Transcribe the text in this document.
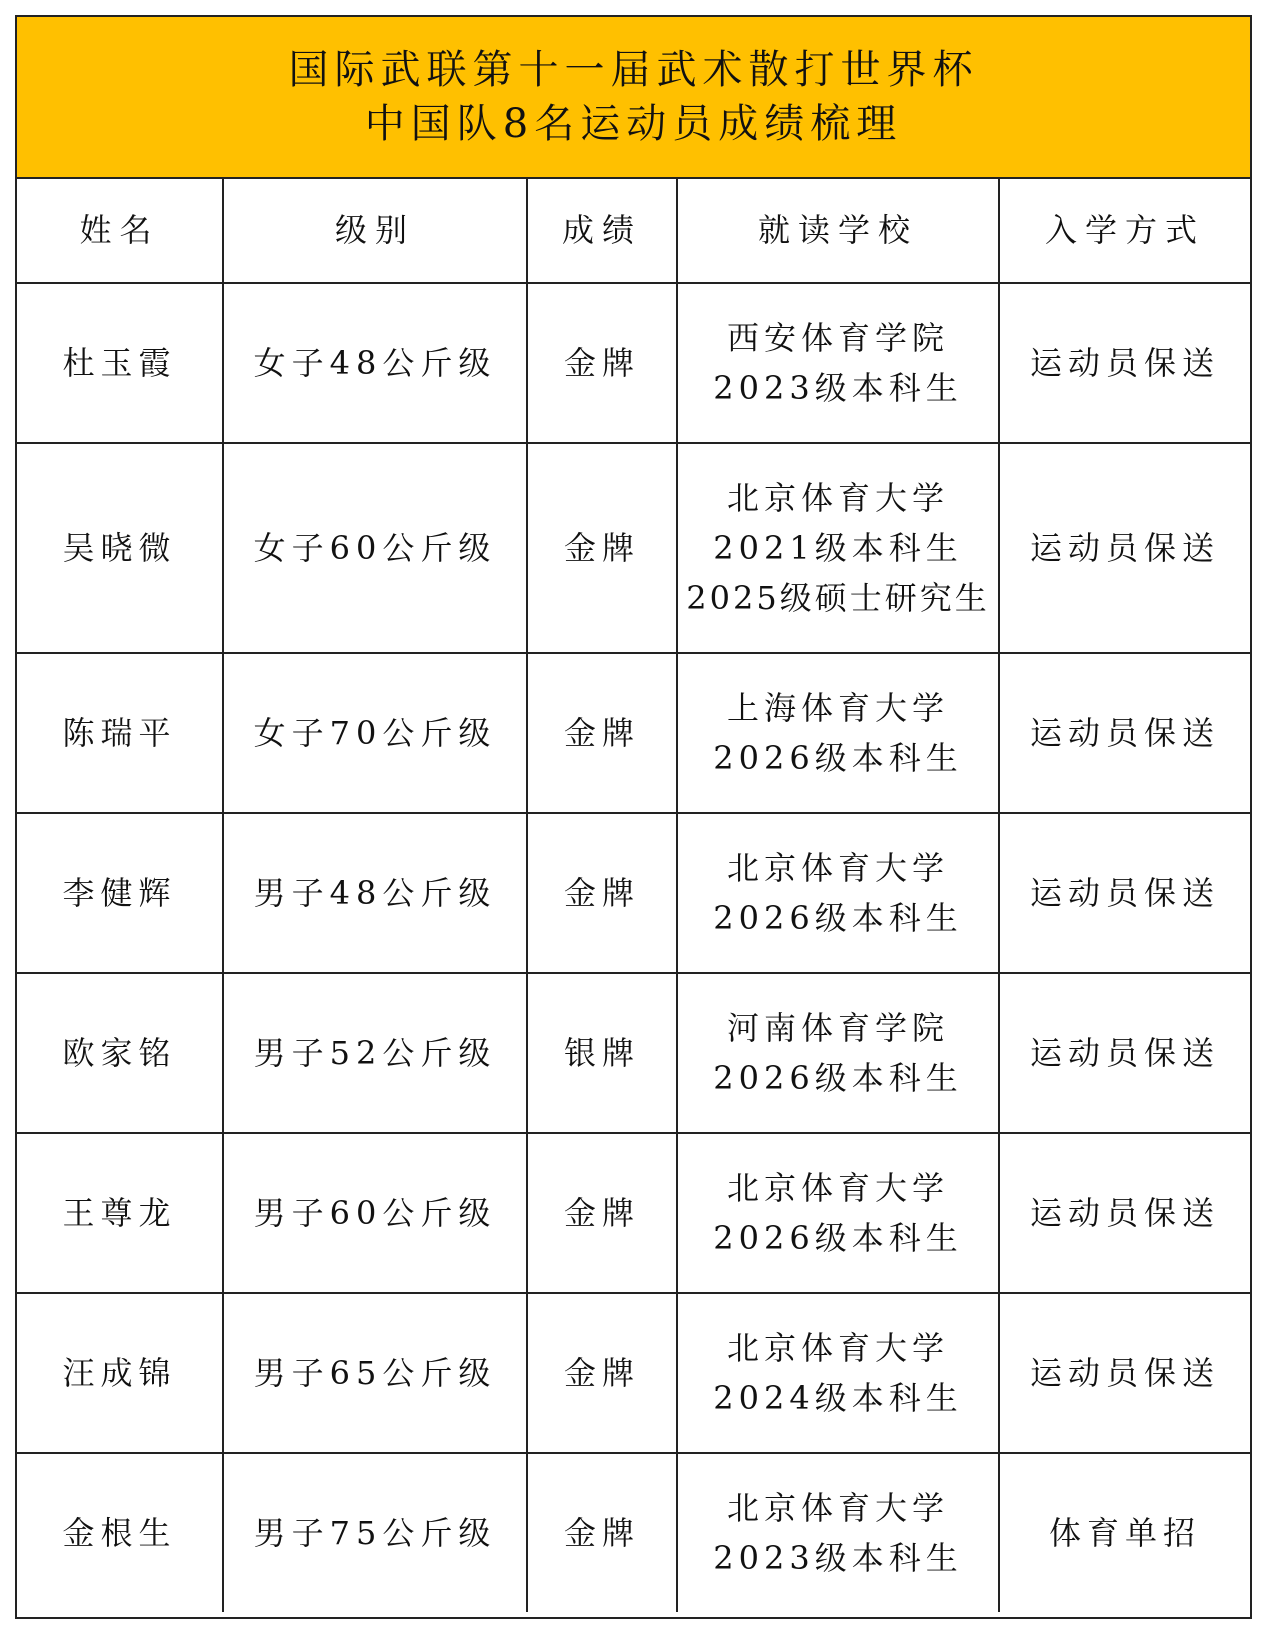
国际武联第十一届武术散打世界杯
中国队8名运动员成绩梳理
姓名	级别	成绩	就读学校	入学方式
杜玉霞	女子48公斤级	金牌	西安体育学院
2023级本科生	运动员保送
吴晓微	女子60公斤级	金牌	北京体育大学
2021级本科生
2025级硕士研究生	运动员保送
陈瑞平	女子70公斤级	金牌	上海体育大学
2026级本科生	运动员保送
李健辉	男子48公斤级	金牌	北京体育大学
2026级本科生	运动员保送
欧家铭	男子52公斤级	银牌	河南体育学院
2026级本科生	运动员保送
王尊龙	男子60公斤级	金牌	北京体育大学
2026级本科生	运动员保送
汪成锦	男子65公斤级	金牌	北京体育大学
2024级本科生	运动员保送
金根生	男子75公斤级	金牌	北京体育大学
2023级本科生	体育单招
